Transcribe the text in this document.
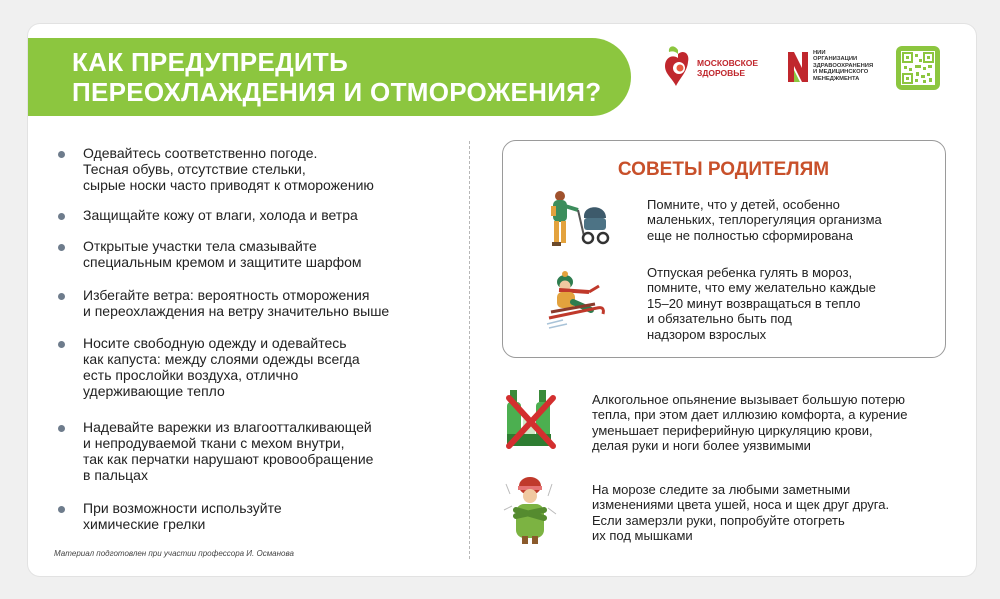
КАК ПРЕДУПРЕДИТЬ
ПЕРЕОХЛАЖДЕНИЯ И ОТМОРОЖЕНИЯ?
МОСКОВСКОЕ
ЗДОРОВЬЕ
НИИ
ОРГАНИЗАЦИИ
ЗДРАВООХРАНЕНИЯ
И МЕДИЦИНСКОГО
МЕНЕДЖМЕНТА
Одевайтесь соответственно погоде.
Тесная обувь, отсутствие стельки,
сырые носки часто приводят к отморожению
Защищайте кожу от влаги, холода и ветра
Открытые участки тела смазывайте
специальным кремом и защитите шарфом
Избегайте ветра: вероятность отморожения
и переохлаждения на ветру значительно выше
Носите свободную одежду и одевайтесь
как капуста: между слоями одежды всегда
есть прослойки воздуха, отлично
удерживающие тепло
Надевайте варежки из влагоотталкивающей
и непродуваемой ткани с мехом внутри,
так как перчатки нарушают кровообращение
в пальцах
При возможности используйте
химические грелки
Материал подготовлен при участии профессора И. Османова
СОВЕТЫ РОДИТЕЛЯМ
Помните, что у детей, особенно
маленьких, теплорегуляция организма
еще не полностью сформирована
Отпуская ребенка гулять в мороз,
помните, что ему желательно каждые
15–20 минут возвращаться в тепло
и обязательно быть под
надзором взрослых
Алкогольное опьянение вызывает большую потерю
тепла, при этом дает иллюзию комфорта, а курение
уменьшает периферийную циркуляцию крови,
делая руки и ноги более уязвимыми
На морозе следите за любыми заметными
изменениями цвета ушей, носа и щек друг друга.
Если замерзли руки, попробуйте отогреть
их под мышками
